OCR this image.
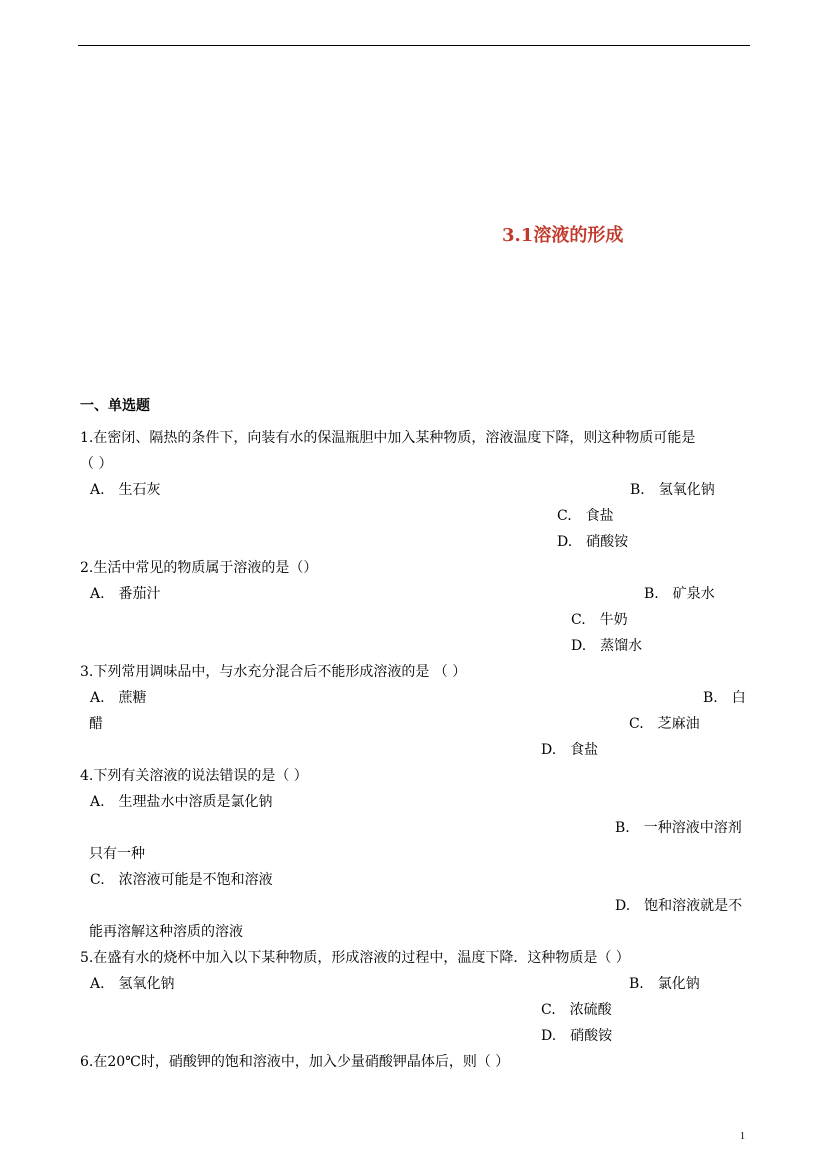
3.1溶液的形成
一、单选题
1.在密闭、隔热的条件下，向装有水的保温瓶胆中加入某种物质，溶液温度下降，则这种物质可能是
（ ）
A.　生石灰	B.　氢氧化钠
C.　食盐
D.　硝酸铵
2.生活中常见的物质属于溶液的是（）
A.　番茄汁	B.　矿泉水
C.　牛奶
D.　蒸馏水
3.下列常用调味品中，与水充分混合后不能形成溶液的是 （ ）
A.　蔗糖	B.　白
醋	C.　芝麻油
D.　食盐
4.下列有关溶液的说法错误的是（ ）
A.　生理盐水中溶质是氯化钠
B.　一种溶液中溶剂
只有一种
C.　浓溶液可能是不饱和溶液
D.　饱和溶液就是不
能再溶解这种溶质的溶液
5.在盛有水的烧杯中加入以下某种物质，形成溶液的过程中，温度下降．这种物质是（ ）
A.　氢氧化钠	B.　氯化钠
C.　浓硫酸
D.　硝酸铵
6.在20℃时，硝酸钾的饱和溶液中，加入少量硝酸钾晶体后，则（ ）
1
